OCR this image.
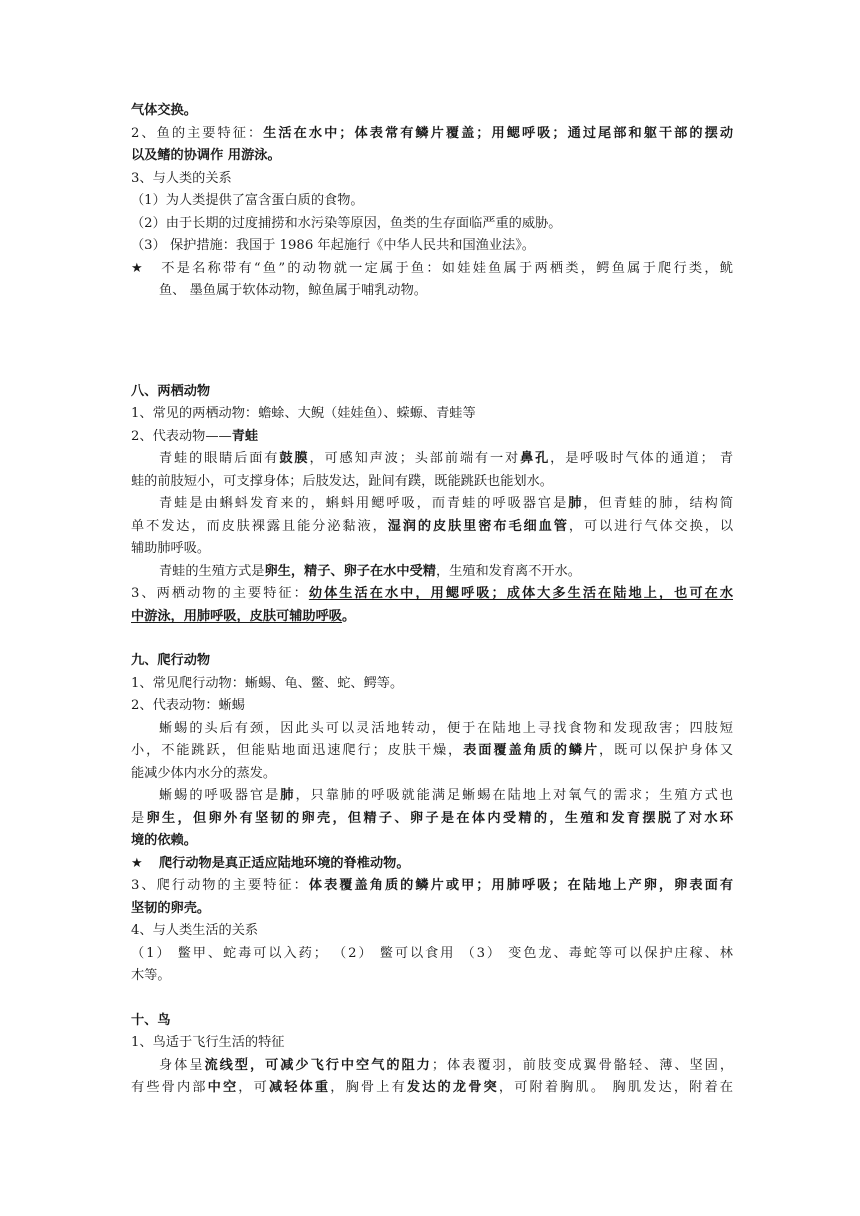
气体交换。
2、鱼的主要特征：生活在水中；体表常有鳞片覆盖；用鳃呼吸；通过尾部和躯干部的摆动
以及鳍的协调作 用游泳。
3、与人类的关系
（1）为人类提供了富含蛋白质的食物。
（2）由于长期的过度捕捞和水污染等原因，鱼类的生存面临严重的威胁。
（3） 保护措施：我国于 1986 年起施行《中华人民共和国渔业法》。
★ 不是名称带有“鱼”的动物就一定属于鱼：如娃娃鱼属于两栖类，鳄鱼属于爬行类，鱿
鱼、 墨鱼属于软体动物，鲸鱼属于哺乳动物。
八、两栖动物
1、常见的两栖动物：蟾蜍、大鲵（娃娃鱼）、蝾螈、青蛙等
2、代表动物——青蛙
青蛙的眼睛后面有鼓膜，可感知声波；头部前端有一对鼻孔，是呼吸时气体的通道； 青
蛙的前肢短小，可支撑身体；后肢发达，趾间有蹼，既能跳跃也能划水。
青蛙是由蝌蚪发育来的，蝌蚪用鳃呼吸，而青蛙的呼吸器官是肺，但青蛙的肺，结构简
单不发达，而皮肤裸露且能分泌黏液，湿润的皮肤里密布毛细血管，可以进行气体交换，以
辅助肺呼吸。
青蛙的生殖方式是卵生，精子、卵子在水中受精，生殖和发育离不开水。
3、两栖动物的主要特征：幼体生活在水中，用鳃呼吸；成体大多生活在陆地上，也可在水
中游泳，用肺呼吸，皮肤可辅助呼吸。
九、爬行动物
1、常见爬行动物：蜥蜴、龟、鳖、蛇、鳄等。
2、代表动物：蜥蜴
蜥蜴的头后有颈，因此头可以灵活地转动，便于在陆地上寻找食物和发现敌害；四肢短
小，不能跳跃，但能贴地面迅速爬行；皮肤干燥，表面覆盖角质的鳞片，既可以保护身体又
能减少体内水分的蒸发。
蜥蜴的呼吸器官是肺，只靠肺的呼吸就能满足蜥蜴在陆地上对氧气的需求；生殖方式也
是卵生，但卵外有坚韧的卵壳，但精子、卵子是在体内受精的，生殖和发育摆脱了对水环
境的依赖。
★ 爬行动物是真正适应陆地环境的脊椎动物。
3、爬行动物的主要特征：体表覆盖角质的鳞片或甲；用肺呼吸；在陆地上产卵，卵表面有
坚韧的卵壳。
4、与人类生活的关系
（1） 鳖甲、蛇毒可以入药； （2） 鳖可以食用 （3） 变色龙、毒蛇等可以保护庄稼、林
木等。
十、鸟
1、鸟适于飞行生活的特征
身体呈流线型，可减少飞行中空气的阻力；体表覆羽，前肢变成翼骨骼轻、薄、坚固，
有些骨内部中空，可减轻体重，胸骨上有发达的龙骨突，可附着胸肌。 胸肌发达，附着在
